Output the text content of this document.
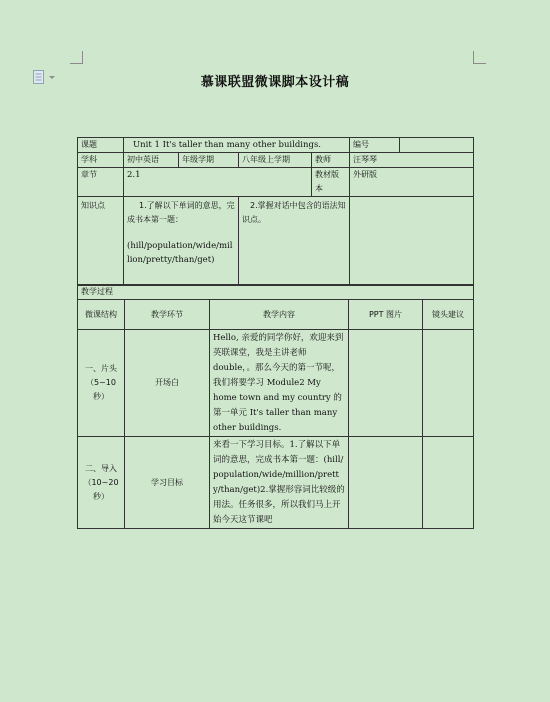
慕课联盟微课脚本设计稿
课题	Unit 1 It's taller than many other buildings.				编号	
学科	初中英语	年级学期	八年级上学期	教师	汪琴琴	
章节	2.1			教材版本	外研版	
知识点	1.了解以下单词的意思，完成书本第一题：
(hill/population/wide/million/pretty/than/get)		2.掌握对话中包含的语法知识点。			
教学过程				
微课结构	教学环节	教学内容	PPT 图片	镜头建议
一、片头（5~10秒）	开场白	Hello, 亲爱的同学你好，欢迎来到英联课堂，我是主讲老师double，。那么今天的第一节呢，我们将要学习 Module2 My home town and my country 的第一单元 It's taller than many other buildings.		
二、导入（10~20秒）	学习目标	来看一下学习目标。1.了解以下单词的意思，完成书本第一题：(hill/population/wide/million/pretty/than/get)2.掌握形容词比较级的用法。任务很多，所以我们马上开始今天这节课吧		
